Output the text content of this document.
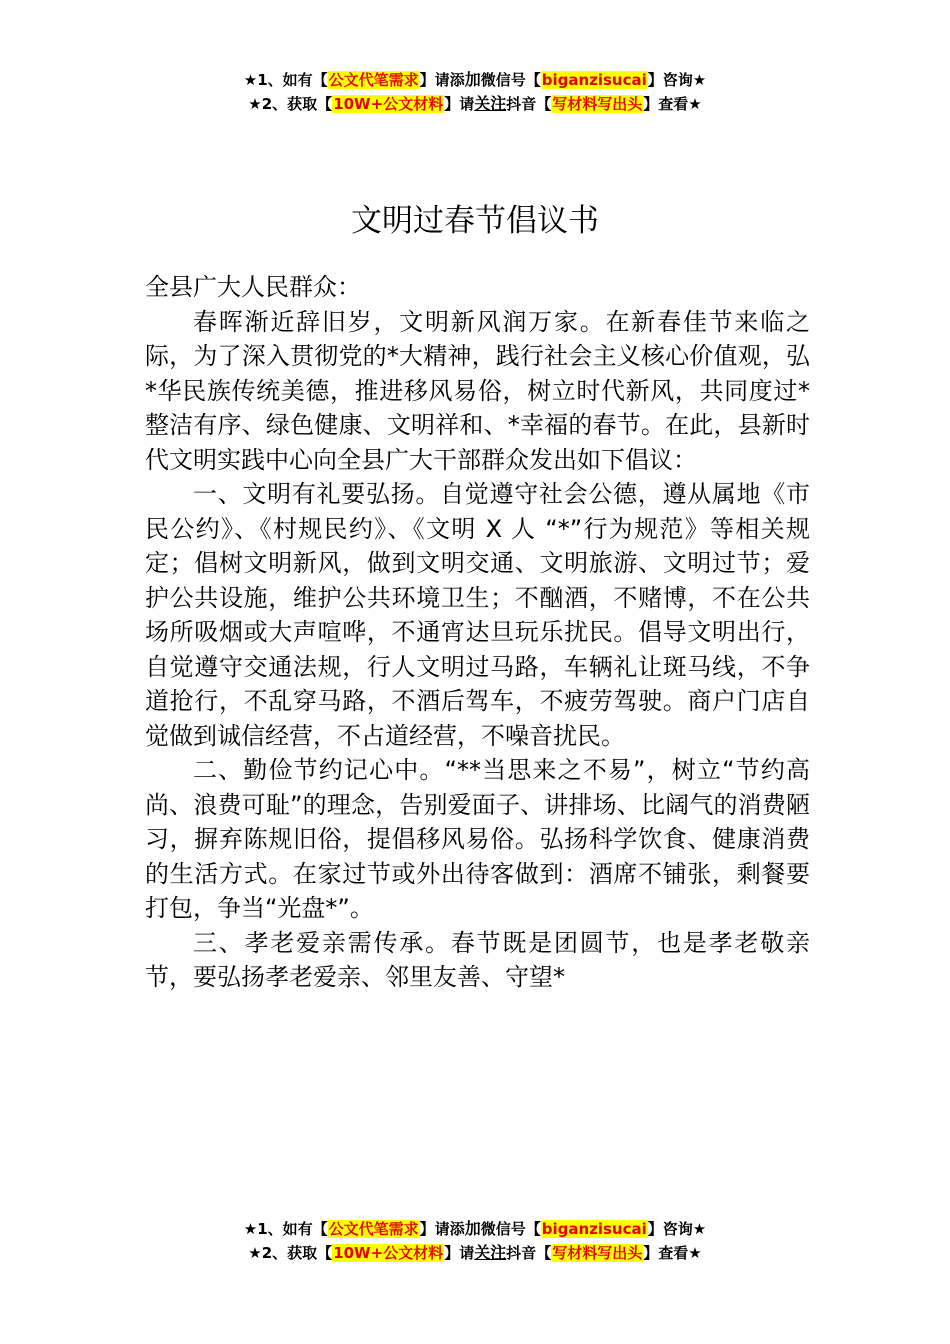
★1、如有【公文代笔需求】请添加微信号【biganzisucai】咨询★
★2、获取【10W+公文材料】请关注抖音【写材料写出头】查看★
文明过春节倡议书

全县广大人民群众：

春晖渐近辞旧岁，文明新风润万家。在新春佳节来临之际，为了深入贯彻党的*大精神，践行社会主义核心价值观，弘*华民族传统美德，推进移风易俗，树立时代新风，共同度过*整洁有序、绿色健康、文明祥和、*幸福的春节。在此，县新时代文明实践中心向全县广大干部群众发出如下倡议：

一、文明有礼要弘扬。自觉遵守社会公德，遵从属地《市民公约》、《村规民约》、《文明 X 人 “*”行为规范》等相关规定；倡树文明新风，做到文明交通、文明旅游、文明过节；爱护公共设施，维护公共环境卫生；不酗酒，不赌博，不在公共场所吸烟或大声喧哗，不通宵达旦玩乐扰民。倡导文明出行，自觉遵守交通法规，行人文明过马路，车辆礼让斑马线，不争道抢行，不乱穿马路，不酒后驾车，不疲劳驾驶。商户门店自觉做到诚信经营，不占道经营，不噪音扰民。

二、勤俭节约记心中。“**当思来之不易”，树立“节约高尚、浪费可耻”的理念，告别爱面子、讲排场、比阔气的消费陋习，摒弃陈规旧俗，提倡移风易俗。弘扬科学饮食、健康消费的生活方式。在家过节或外出待客做到：酒席不铺张，剩餐要打包，争当“光盘*”。

三、孝老爱亲需传承。春节既是团圆节，也是孝老敬亲节，要弘扬孝老爱亲、邻里友善、守望*

★1、如有【公文代笔需求】请添加微信号【biganzisucai】咨询★
★2、获取【10W+公文材料】请关注抖音【写材料写出头】查看★
